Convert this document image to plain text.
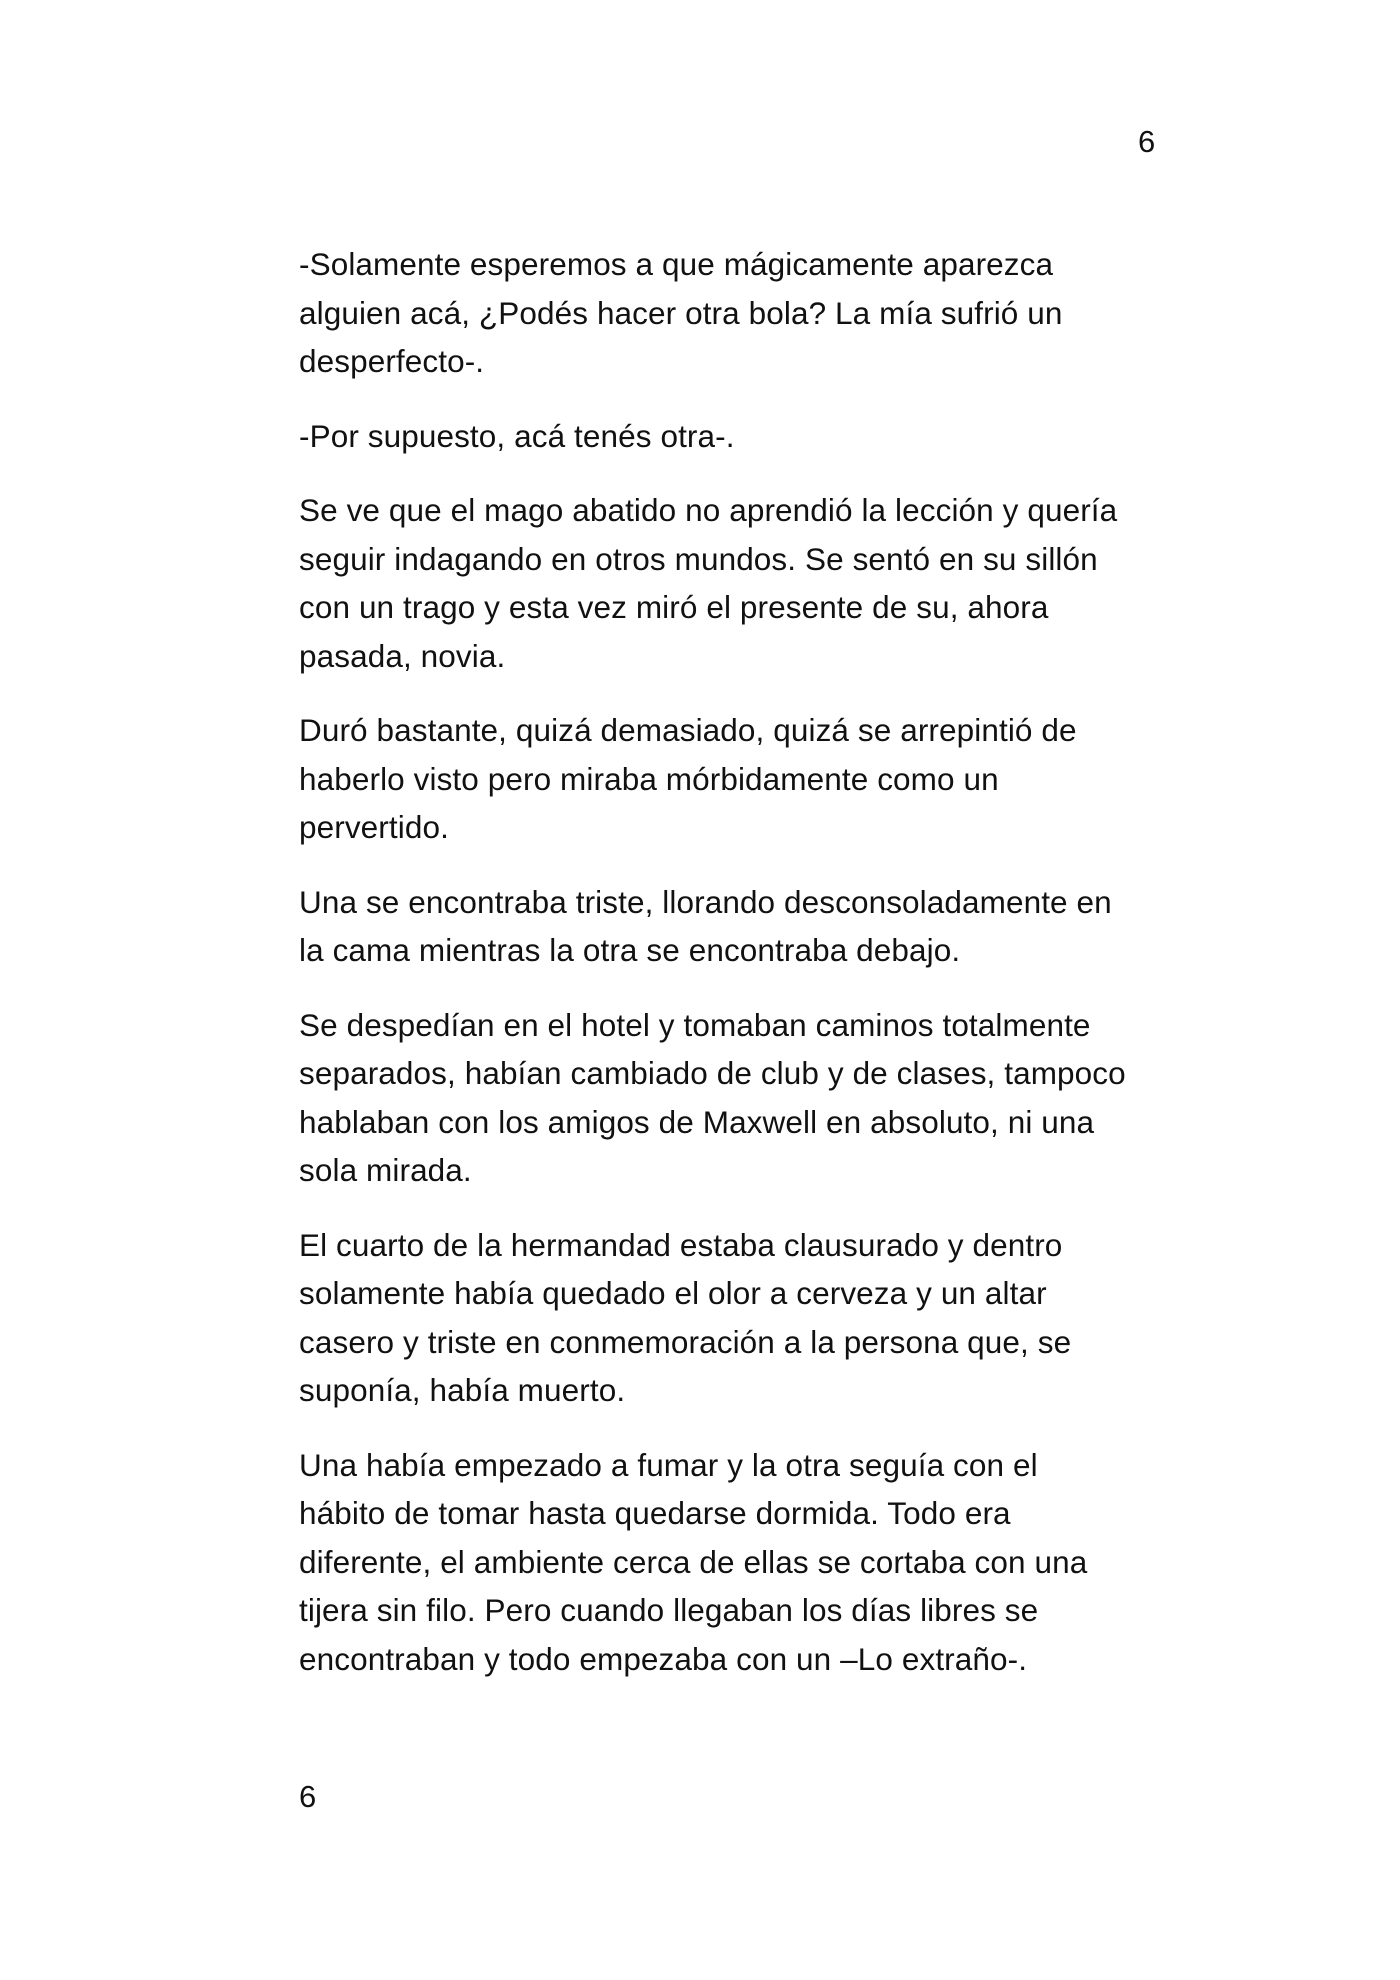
6

-Solamente esperemos a que mágicamente aparezca
alguien acá, ¿Podés hacer otra bola? La mía sufrió un
desperfecto-.

-Por supuesto, acá tenés otra-.

Se ve que el mago abatido no aprendió la lección y quería
seguir indagando en otros mundos. Se sentó en su sillón
con un trago y esta vez miró el presente de su, ahora
pasada, novia.

Duró bastante, quizá demasiado, quizá se arrepintió de
haberlo visto pero miraba mórbidamente como un
pervertido.

Una se encontraba triste, llorando desconsoladamente en
la cama mientras la otra se encontraba debajo.

Se despedían en el hotel y tomaban caminos totalmente
separados, habían cambiado de club y de clases, tampoco
hablaban con los amigos de Maxwell en absoluto, ni una
sola mirada.

El cuarto de la hermandad estaba clausurado y dentro
solamente había quedado el olor a cerveza y un altar
casero y triste en conmemoración a la persona que, se
suponía, había muerto.

Una había empezado a fumar y la otra seguía con el
hábito de tomar hasta quedarse dormida. Todo era
diferente, el ambiente cerca de ellas se cortaba con una
tijera sin filo. Pero cuando llegaban los días libres se
encontraban y todo empezaba con un –Lo extraño-.

6
